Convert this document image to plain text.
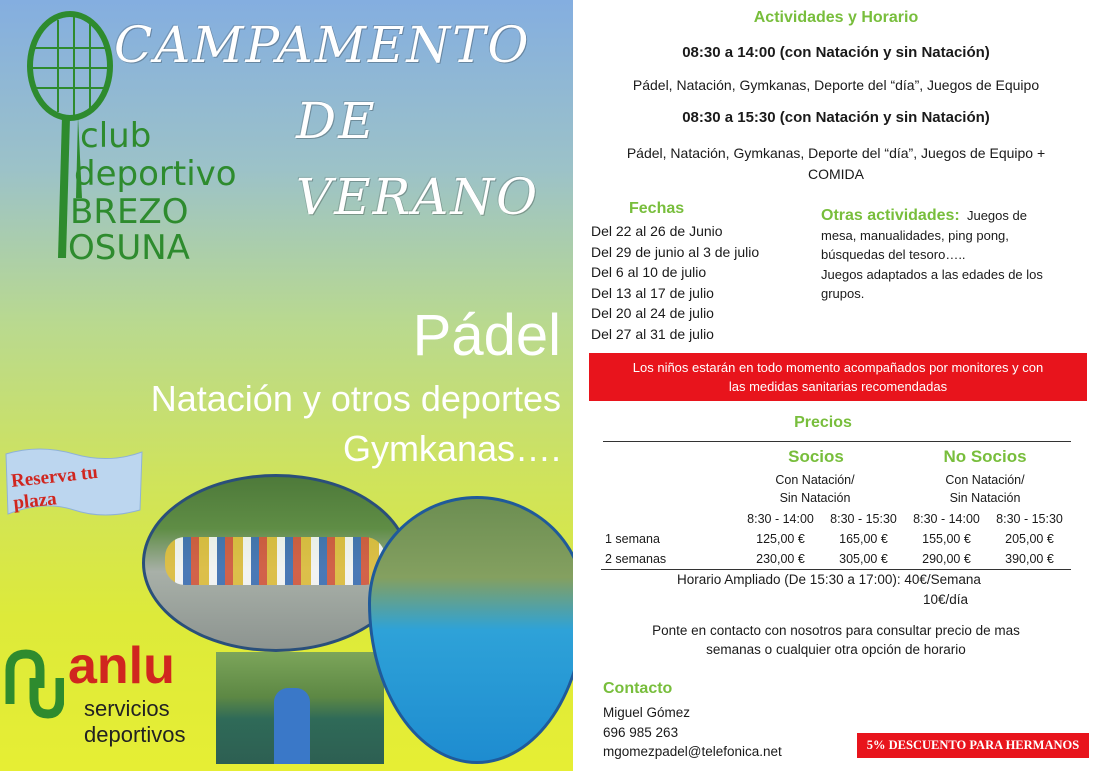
club
deportivo
BREZO
OSUNA
CAMPAMENTO
DE
VERANO
Pádel
Natación y otros deportes
Gymkanas….
Reserva tu plaza
anlu
servicios
deportivos
Actividades y Horario
08:30 a 14:00 (con Natación y sin Natación)
Pádel, Natación, Gymkanas, Deporte del “día”, Juegos de Equipo
08:30 a 15:30 (con Natación y sin Natación)
Pádel, Natación, Gymkanas, Deporte del “día”, Juegos de Equipo +
COMIDA
Fechas
Del 22 al 26 de Junio
Del 29 de junio al 3 de julio
Del 6 al 10 de julio
Del 13 al 17 de julio
Del 20 al 24 de julio
Del 27 al 31 de julio
Otras actividades: Juegos de
mesa, manualidades, ping pong,
búsquedas del tesoro…..
Juegos adaptados a las edades de los
grupos.
Los niños estarán en todo momento acompañados por monitores y con
las medidas sanitarias recomendadas
Precios
Socios	No Socios
Con Natación/
Sin Natación
Con Natación/
Sin Natación
	8:30 - 14:00	8:30 - 15:30	8:30 - 14:00	8:30 - 15:30
1 semana	125,00 €	165,00 €	155,00 €	205,00 €
2 semanas	230,00 €	305,00 €	290,00 €	390,00 €
Horario Ampliado (De 15:30 a 17:00): 40€/Semana
10€/día
Ponte en contacto con nosotros para consultar precio de mas
semanas o cualquier otra opción de horario
Contacto
Miguel Gómez
696 985 263
mgomezpadel@telefonica.net	5% DESCUENTO PARA HERMANOS
